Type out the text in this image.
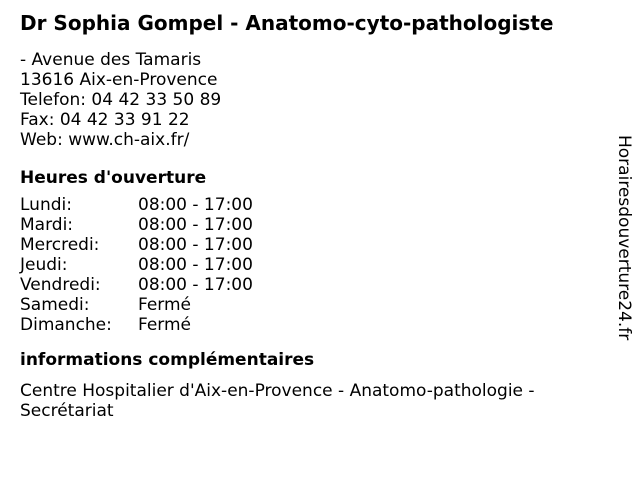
Dr Sophia Gompel - Anatomo-cyto-pathologiste
- Avenue des Tamaris
13616 Aix-en-Provence
Telefon: 04 42 33 50 89
Fax: 04 42 33 91 22
Web: www.ch-aix.fr/
Heures d'ouverture
Lundi:	08:00 - 17:00
Mardi:	08:00 - 17:00
Mercredi:	08:00 - 17:00
Jeudi:	08:00 - 17:00
Vendredi:	08:00 - 17:00
Samedi:	Fermé
Dimanche:	Fermé
informations complémentaires
Centre Hospitalier d'Aix-en-Provence - Anatomo-pathologie - Secrétariat
Horairesdouverture24.fr
